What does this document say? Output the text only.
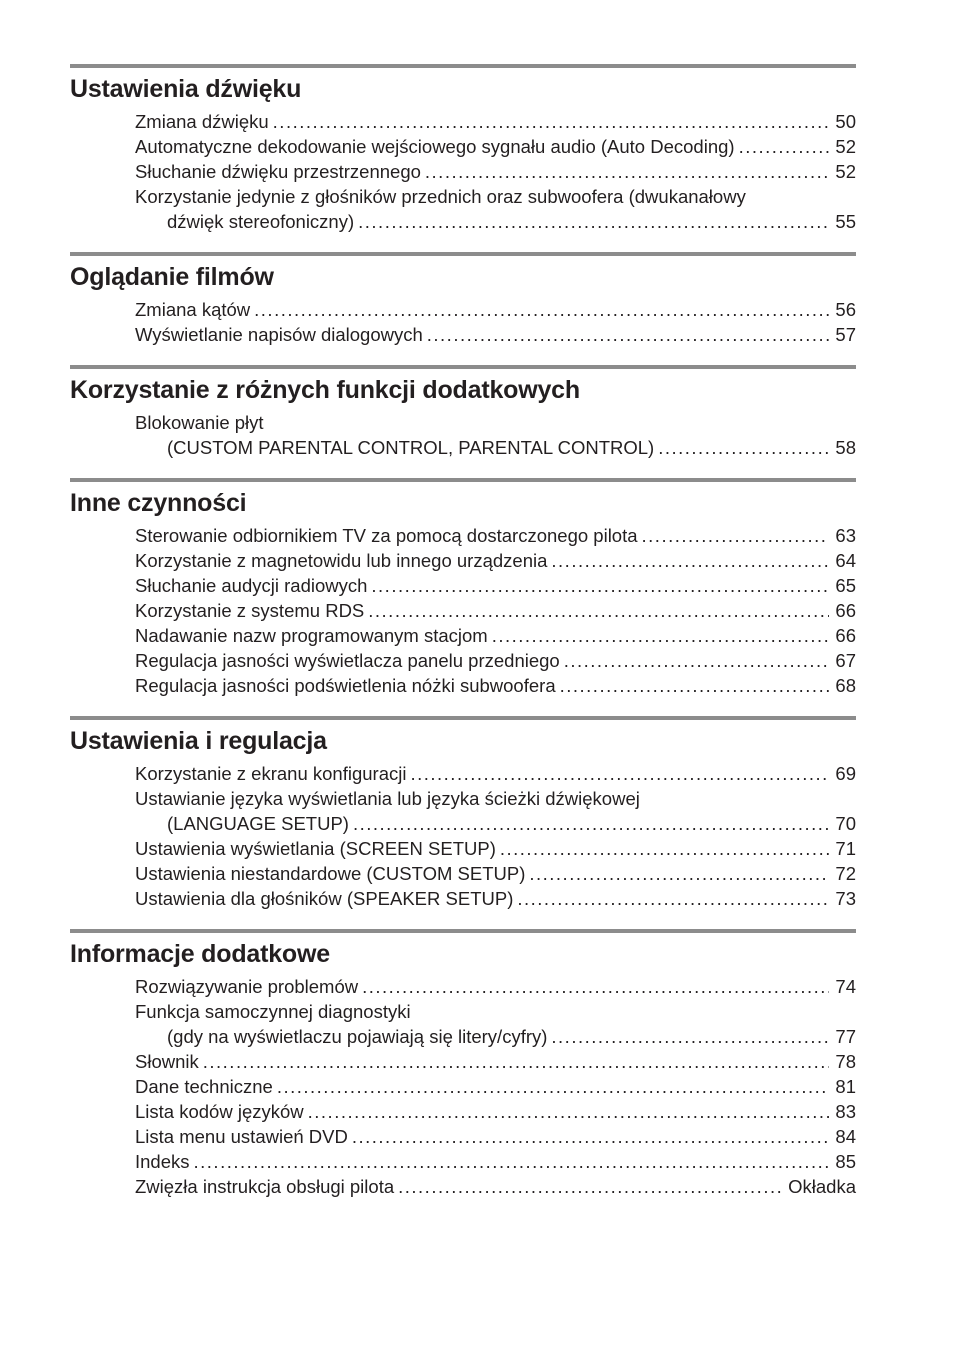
Ustawienia dźwięku
Zmiana dźwięku .....	50
Automatyczne dekodowanie wejściowego sygnału audio (Auto Decoding) .....	52
Słuchanie dźwięku przestrzennego .....	52
Korzystanie jedynie z głośników przednich oraz subwoofera (dwukanałowy
dźwięk stereofoniczny) .....	55
Oglądanie filmów
Zmiana kątów .....	56
Wyświetlanie napisów dialogowych .....	57
Korzystanie z różnych funkcji dodatkowych
Blokowanie płyt
(CUSTOM PARENTAL CONTROL, PARENTAL CONTROL) .....	58
Inne czynności
Sterowanie odbiornikiem TV za pomocą dostarczonego pilota .....	63
Korzystanie z magnetowidu lub innego urządzenia .....	64
Słuchanie audycji radiowych .....	65
Korzystanie z systemu RDS .....	66
Nadawanie nazw programowanym stacjom .....	66
Regulacja jasności wyświetlacza panelu przedniego .....	67
Regulacja jasności podświetlenia nóżki subwoofera .....	68
Ustawienia i regulacja
Korzystanie z ekranu konfiguracji .....	69
Ustawianie języka wyświetlania lub języka ścieżki dźwiękowej
(LANGUAGE SETUP) .....	70
Ustawienia wyświetlania (SCREEN SETUP) .....	71
Ustawienia niestandardowe (CUSTOM SETUP) .....	72
Ustawienia dla głośników (SPEAKER SETUP) .....	73
Informacje dodatkowe
Rozwiązywanie problemów .....	74
Funkcja samoczynnej diagnostyki
(gdy na wyświetlaczu pojawiają się litery/cyfry) .....	77
Słownik .....	78
Dane techniczne .....	81
Lista kodów języków .....	83
Lista menu ustawień DVD .....	84
Indeks .....	85
Zwięzła instrukcja obsługi pilota .....	Okładka
